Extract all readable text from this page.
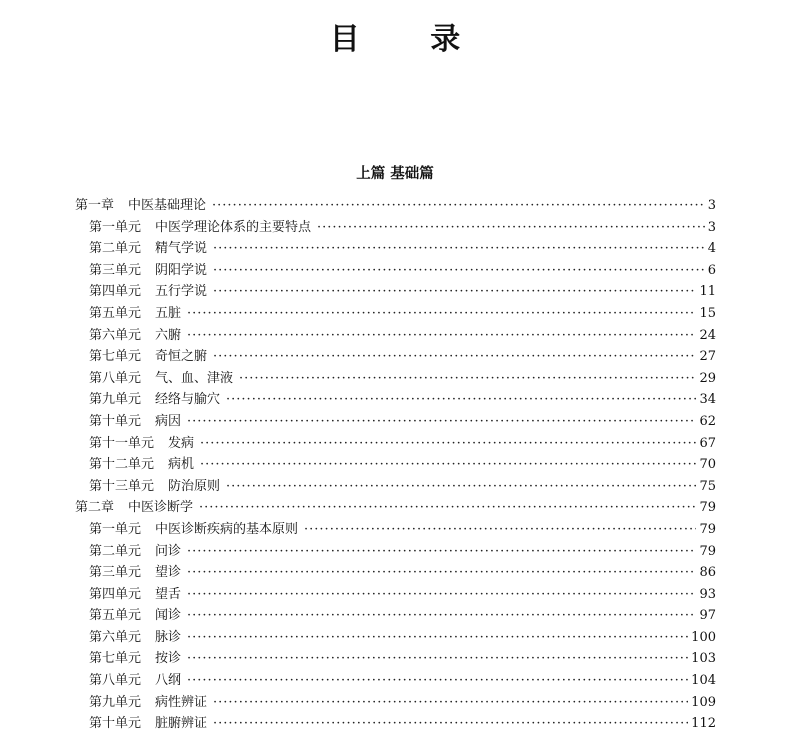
目 录
上篇 基础篇
第一章 中医基础理论 ·····	3
第一单元 中医学理论体系的主要特点 ·····	3
第二单元 精气学说 ·····	4
第三单元 阴阳学说 ·····	6
第四单元 五行学说 ·····	11
第五单元 五脏 ·····	15
第六单元 六腑 ·····	24
第七单元 奇恒之腑 ·····	27
第八单元 气、血、津液 ·····	29
第九单元 经络与腧穴 ·····	34
第十单元 病因 ·····	62
第十一单元 发病 ·····	67
第十二单元 病机 ·····	70
第十三单元 防治原则 ·····	75
第二章 中医诊断学 ·····	79
第一单元 中医诊断疾病的基本原则 ·····	79
第二单元 问诊 ·····	79
第三单元 望诊 ·····	86
第四单元 望舌 ·····	93
第五单元 闻诊 ·····	97
第六单元 脉诊 ·····	100
第七单元 按诊 ·····	103
第八单元 八纲 ·····	104
第九单元 病性辨证 ·····	109
第十单元 脏腑辨证 ·····	112
